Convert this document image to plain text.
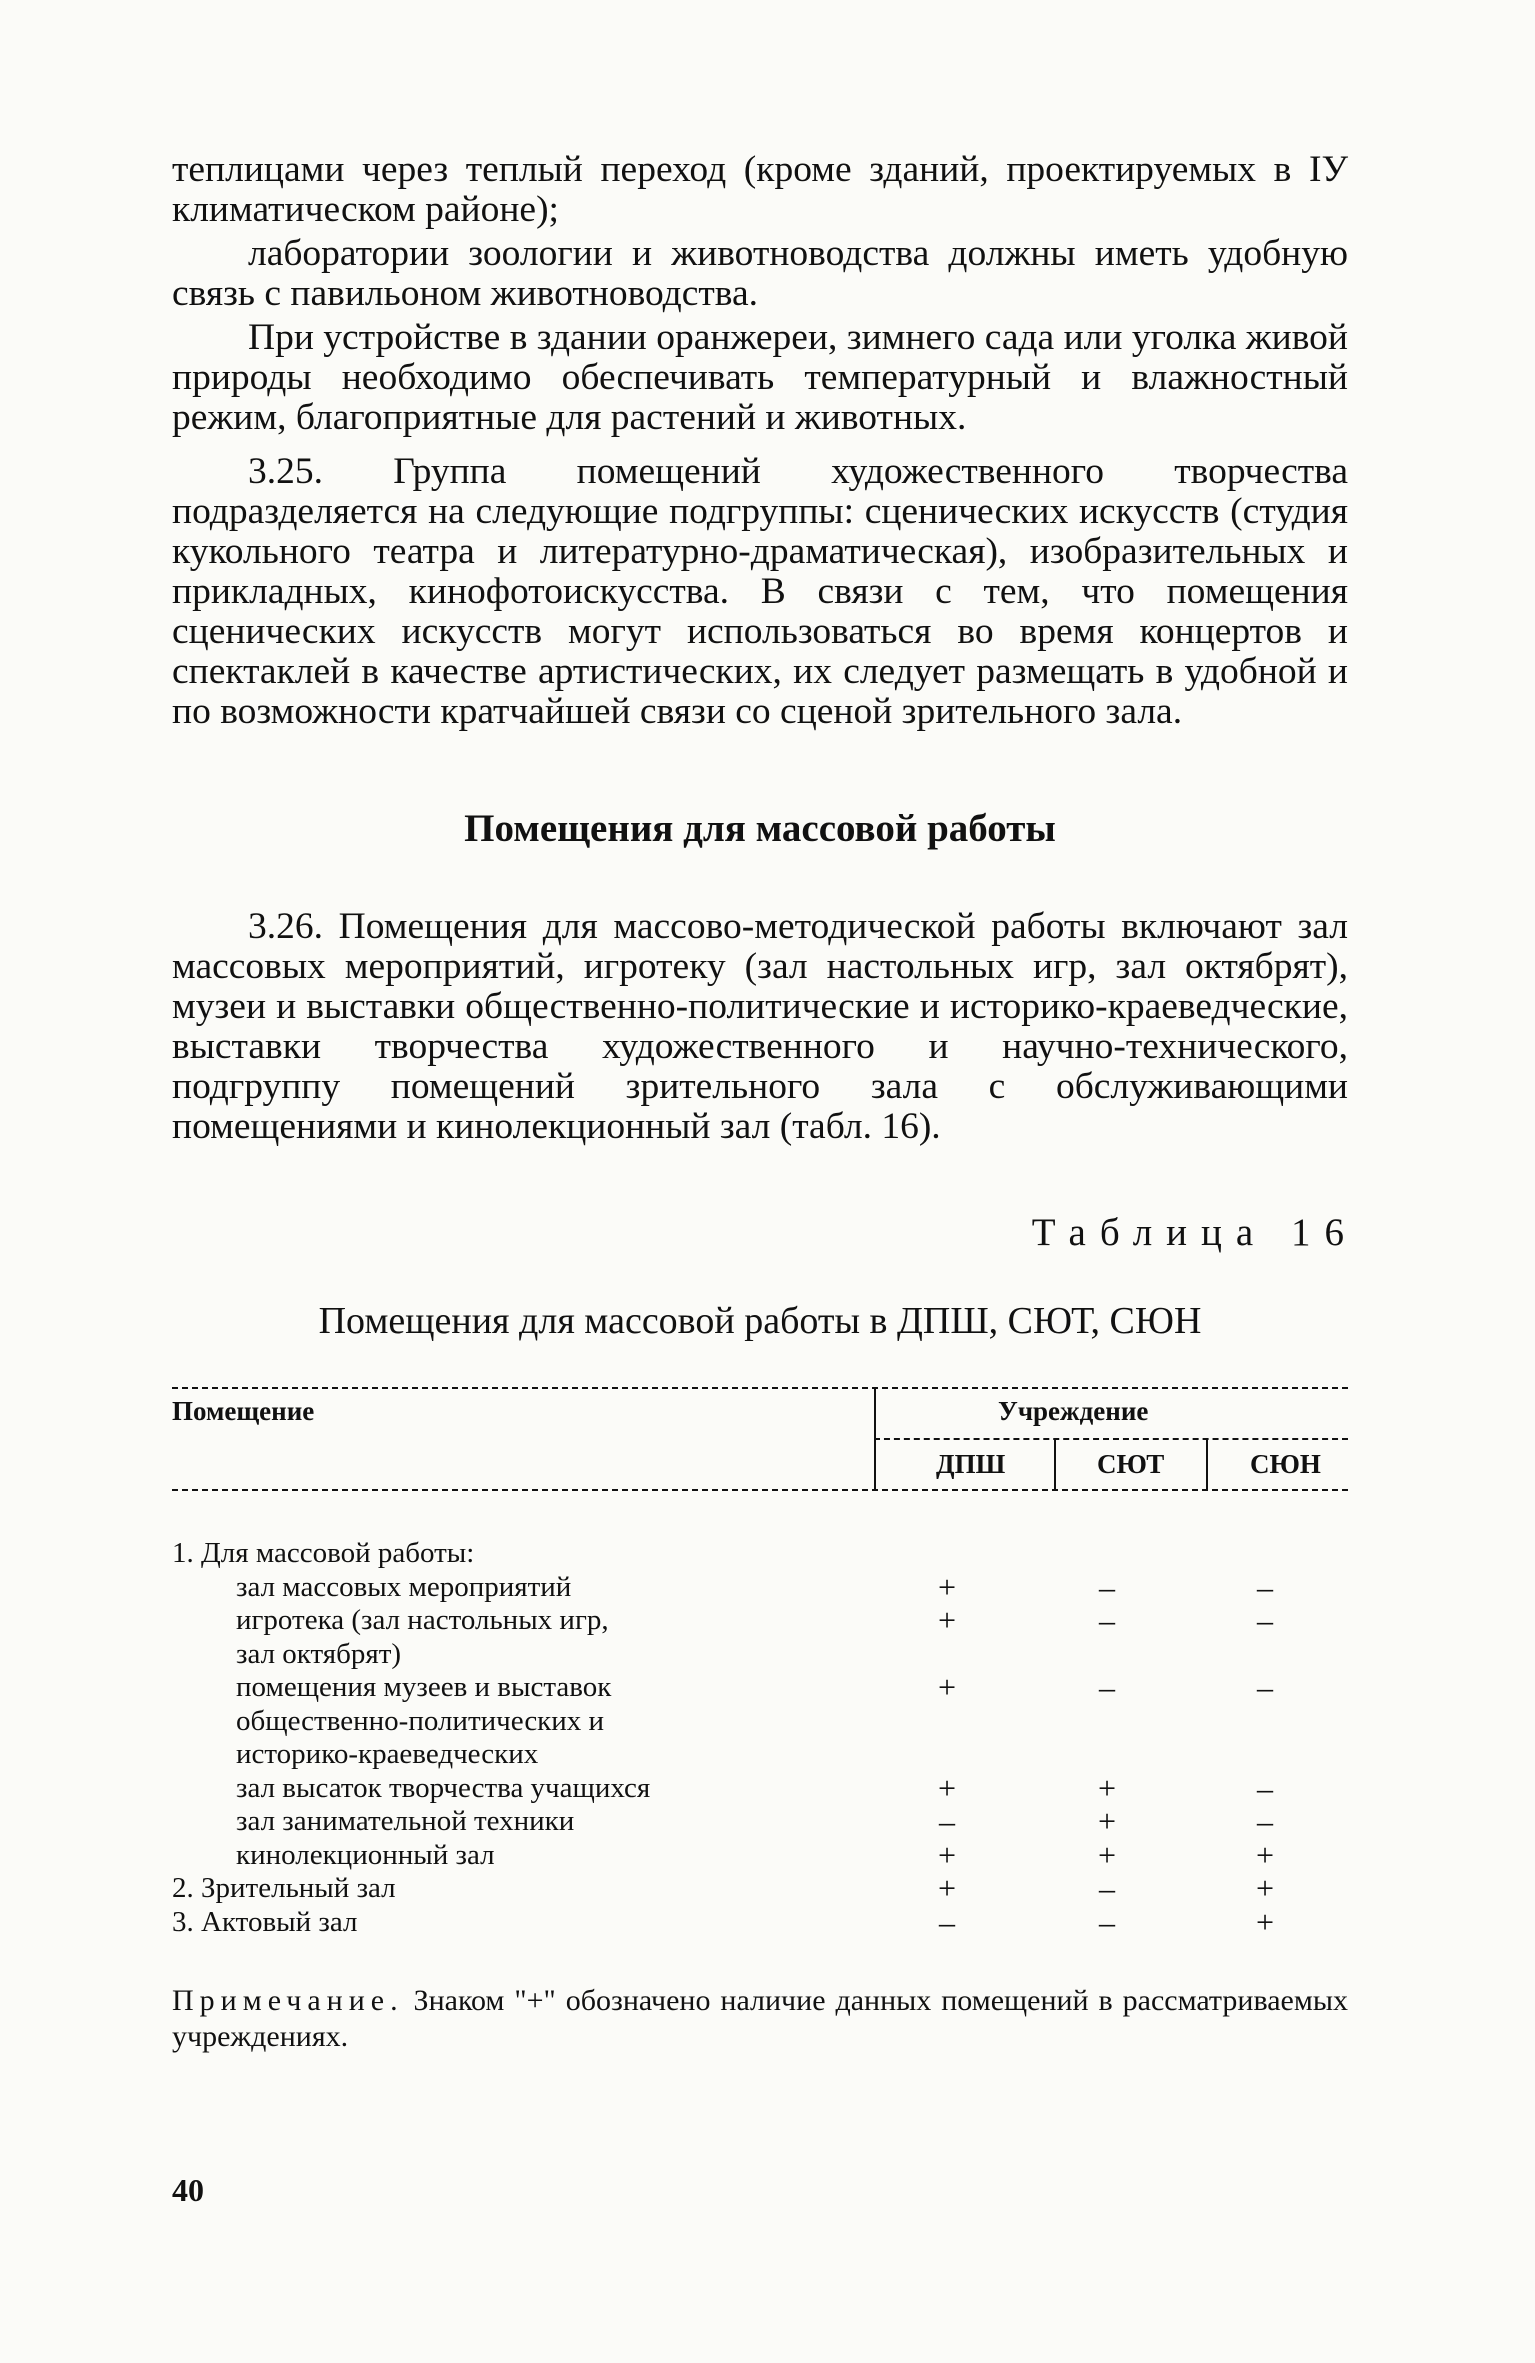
теплицами через теплый переход (кроме зданий, проектируемых в IУ климатическом районе);

лаборатории зоологии и животноводства должны иметь удобную связь с павильоном животноводства.

При устройстве в здании оранжереи, зимнего сада или уголка живой природы необходимо обеспечивать температурный и влажностный режим, благоприятные для растений и животных.

3.25. Группа помещений художественного творчества подразделяется на следующие подгруппы: сценических искусств (студия кукольного театра и литературно-драматическая), изобразительных и прикладных, кинофотоискусства. В связи с тем, что помещения сценических искусств могут использоваться во время концертов и спектаклей в качестве артистических, их следует размещать в удобной и по возможности кратчайшей связи со сценой зрительного зала.

Помещения для массовой работы

3.26. Помещения для массово-методической работы включают зал массовых мероприятий, игротеку (зал настольных игр, зал октябрят), музеи и выставки общественно-политические и историко-краеведческие, выставки творчества художественного и научно-технического, подгруппу помещений зрительного зала с обслуживающими помещениями и кинолекционный зал (табл. 16).

Таблица 16
Помещения для массовой работы в ДПШ, СЮТ, СЮН
Помещение	Учреждение
ДПШ	СЮТ	СЮН
1. Для массовой работы:
зал массовых мероприятий	+	–	–
игротека (зал настольных игр,	+	–	–
зал октябрят)
помещения музеев и выставок	+	–	–
общественно-политических и
историко-краеведческих
зал высаток творчества учащихся	+	+	–
зал занимательной техники	–	+	–
кинолекционный зал	+	+	+
2. Зрительный зал	+	–	+
3. Актовый зал	–	–	+

Примечание. Знаком "+" обозначено наличие данных помещений в рассматриваемых учреждениях.

40
